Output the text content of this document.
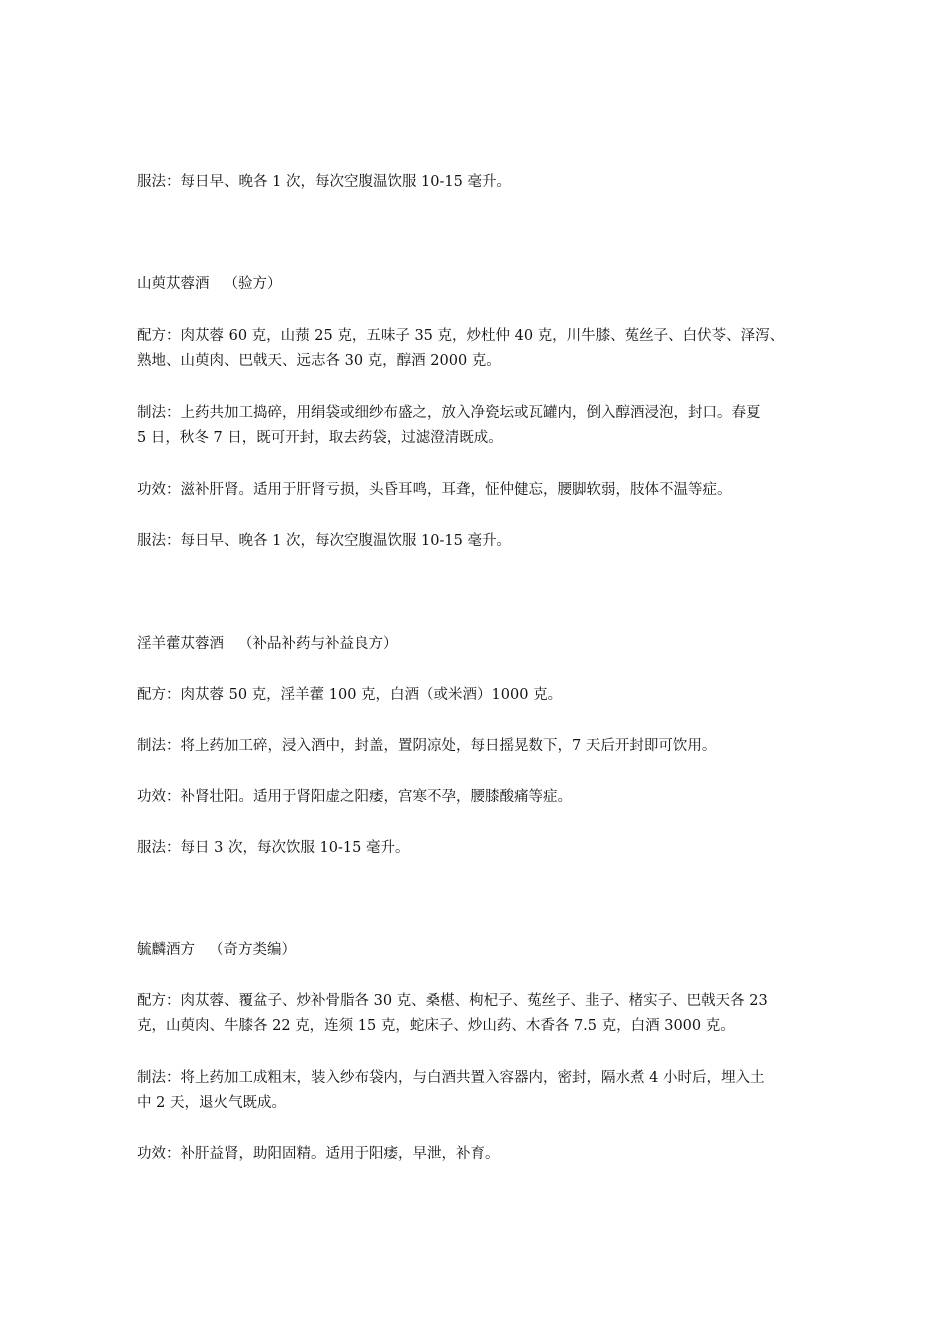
服法：每日早、晚各 1 次，每次空腹温饮服 10-15 毫升。

山萸苁蓉酒 （验方）

配方：肉苁蓉 60 克，山蓣 25 克，五味子 35 克，炒杜仲 40 克，川牛膝、菟丝子、白伏苓、泽泻、

熟地、山萸肉、巴戟天、远志各 30 克，醇酒 2000 克。

制法：上药共加工捣碎，用绢袋或细纱布盛之，放入净瓷坛或瓦罐内，倒入醇酒浸泡，封口。春夏

5 日，秋冬 7 日，既可开封，取去药袋，过滤澄清既成。

功效：滋补肝肾。适用于肝肾亏损，头昏耳鸣，耳聋，怔仲健忘，腰脚软弱，肢体不温等症。

服法：每日早、晚各 1 次，每次空腹温饮服 10-15 毫升。

淫羊藿苁蓉酒 （补品补药与补益良方）

配方：肉苁蓉 50 克，淫羊藿 100 克，白酒（或米酒）1000 克。

制法：将上药加工碎，浸入酒中，封盖，置阴凉处，每日摇晃数下，7 天后开封即可饮用。

功效：补肾壮阳。适用于肾阳虚之阳痿，宫寒不孕，腰膝酸痛等症。

服法：每日 3 次，每次饮服 10-15 毫升。

毓麟酒方 （奇方类编）

配方：肉苁蓉、覆盆子、炒补骨脂各 30 克、桑椹、枸杞子、菟丝子、韭子、楮实子、巴戟天各 23

克，山萸肉、牛膝各 22 克，连须 15 克，蛇床子、炒山药、木香各 7.5 克，白酒 3000 克。

制法：将上药加工成粗末，装入纱布袋内，与白酒共置入容器内，密封，隔水煮 4 小时后，埋入土

中 2 天，退火气既成。

功效：补肝益肾，助阳固精。适用于阳痿，早泄，补育。
